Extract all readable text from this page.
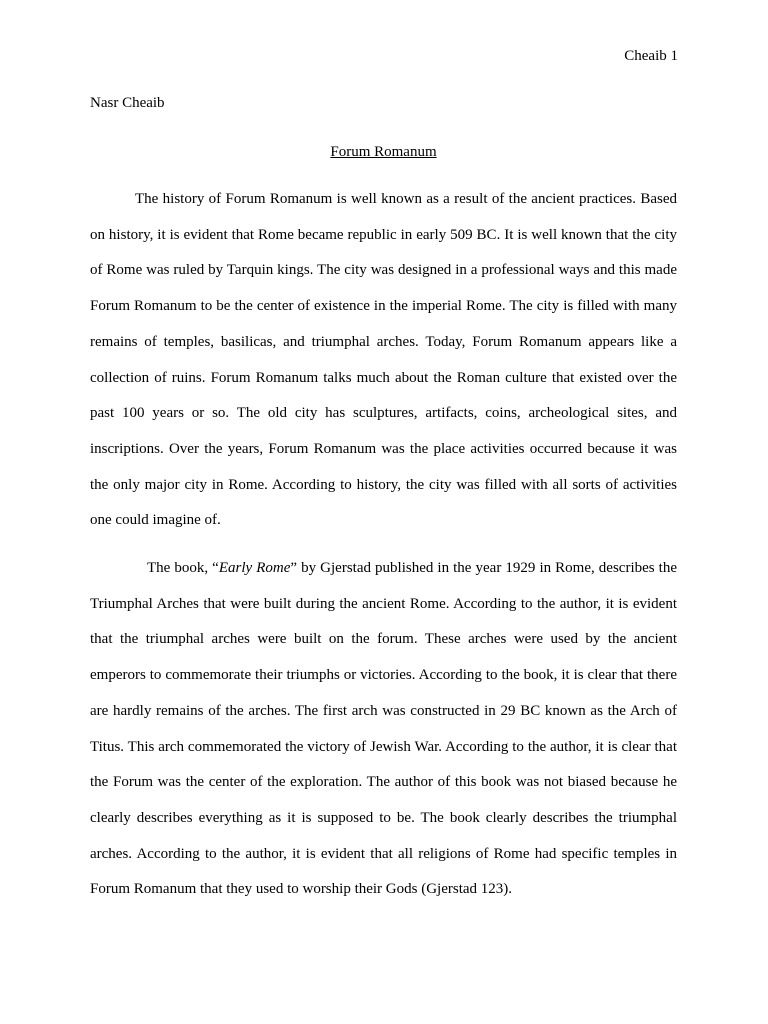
Cheaib 1
Nasr Cheaib
Forum Romanum

The history of Forum Romanum is well known as a result of the ancient practices. Based on history, it is evident that Rome became republic in early 509 BC. It is well known that the city of Rome was ruled by Tarquin kings. The city was designed in a professional ways and this made Forum Romanum to be the center of existence in the imperial Rome. The city is filled with many remains of temples, basilicas, and triumphal arches. Today, Forum Romanum appears like a collection of ruins. Forum Romanum talks much about the Roman culture that existed over the past 100 years or so. The old city has sculptures, artifacts, coins, archeological sites, and inscriptions. Over the years, Forum Romanum was the place activities occurred because it was the only major city in Rome. According to history, the city was filled with all sorts of activities one could imagine of.

The book, “Early Rome” by Gjerstad published in the year 1929 in Rome, describes the Triumphal Arches that were built during the ancient Rome. According to the author, it is evident that the triumphal arches were built on the forum. These arches were used by the ancient emperors to commemorate their triumphs or victories. According to the book, it is clear that there are hardly remains of the arches. The first arch was constructed in 29 BC known as the Arch of Titus. This arch commemorated the victory of Jewish War. According to the author, it is clear that the Forum was the center of the exploration. The author of this book was not biased because he clearly describes everything as it is supposed to be. The book clearly describes the triumphal arches. According to the author, it is evident that all religions of Rome had specific temples in Forum Romanum that they used to worship their Gods (Gjerstad 123).
